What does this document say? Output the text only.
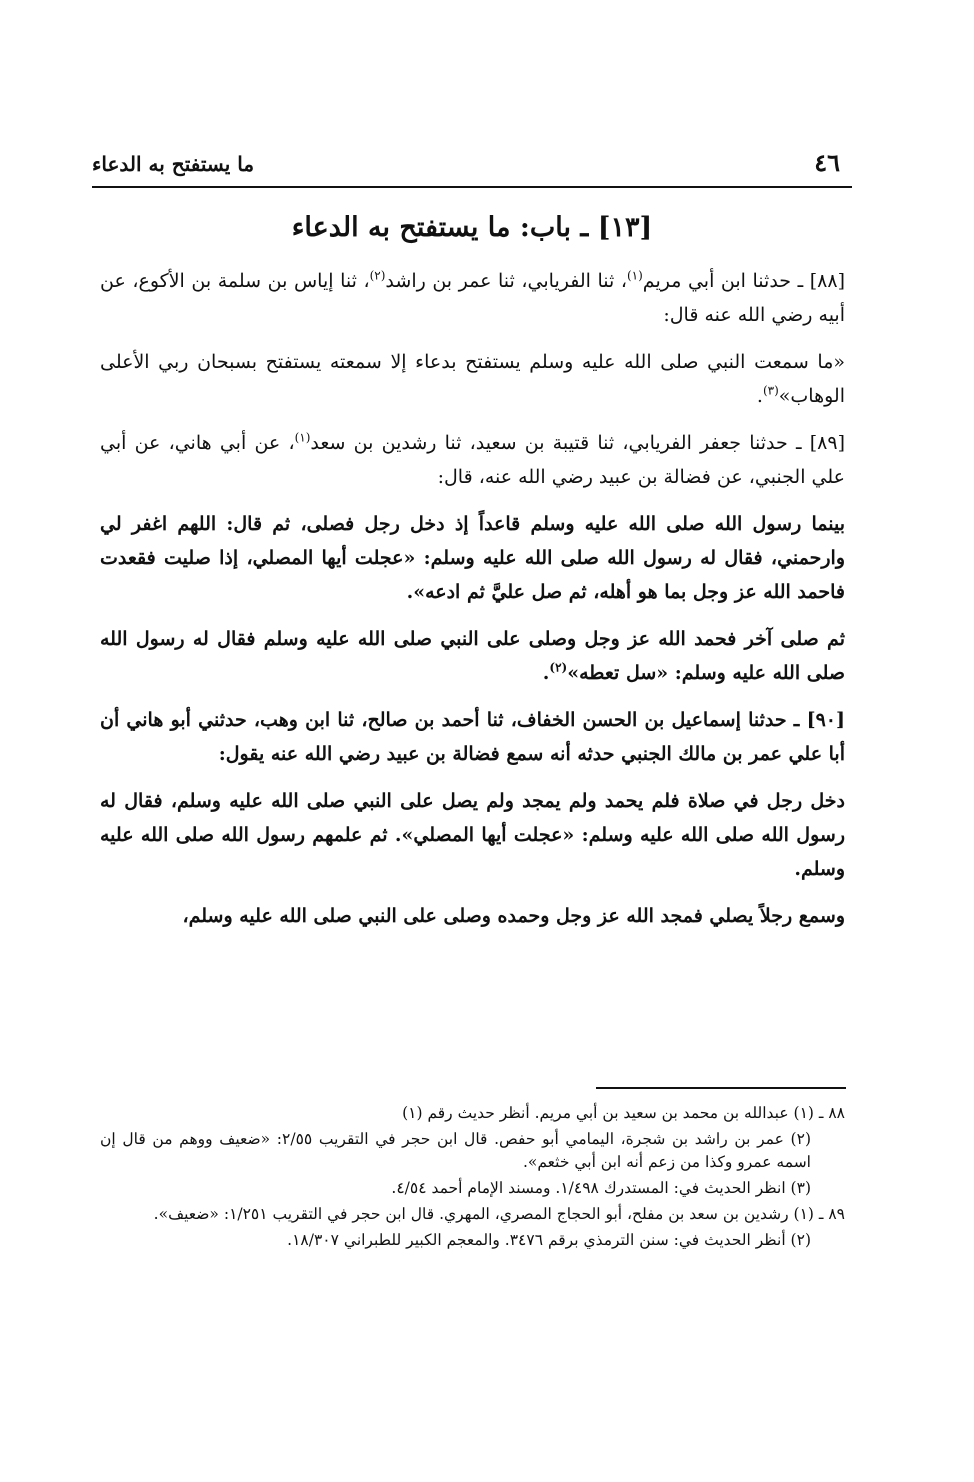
٤٦
ما يستفتح به الدعاء
[١٣] ـ باب: ما يستفتح به الدعاء

[٨٨] ـ حدثنا ابن أبي مريم$^{(١)}$، ثنا الفريابي، ثنا عمر بن راشد$^{(٢)}$، ثنا إياس بن سلمة بن الأكوع، عن أبيه رضي الله عنه قال:

«ما سمعت النبي صلى الله عليه وسلم يستفتح بدعاء إلا سمعته يستفتح بسبحان ربي الأعلى الوهاب»$^{(٣)}$.

[٨٩] ـ حدثنا جعفر الفريابي، ثنا قتيبة بن سعيد، ثنا رشدين بن سعد$^{(١)}$، عن أبي هاني، عن أبي علي الجنبي، عن فضالة بن عبيد رضي الله عنه، قال:

بينما رسول الله صلى الله عليه وسلم قاعداً إذ دخل رجل فصلى، ثم قال: اللهم اغفر لي وارحمني، فقال له رسول الله صلى الله عليه وسلم: «عجلت أيها المصلي، إذا صليت فقعدت فاحمد الله عز وجل بما هو أهله، ثم صل عليَّ ثم ادعه».

ثم صلى آخر فحمد الله عز وجل وصلى على النبي صلى الله عليه وسلم فقال له رسول الله صلى الله عليه وسلم: «سل تعطه»$^{(٢)}$.

[٩٠] ـ حدثنا إسماعيل بن الحسن الخفاف، ثنا أحمد بن صالح، ثنا ابن وهب، حدثني أبو هاني أن أبا علي عمر بن مالك الجنبي حدثه أنه سمع فضالة بن عبيد رضي الله عنه يقول:

دخل رجل في صلاة فلم يحمد ولم يمجد ولم يصل على النبي صلى الله عليه وسلم، فقال له رسول الله صلى الله عليه وسلم: «عجلت أيها المصلي». ثم علمهم رسول الله صلى الله عليه وسلم.

وسمع رجلاً يصلي فمجد الله عز وجل وحمده وصلى على النبي صلى الله عليه وسلم،

٨٨ ـ (١) عبدالله بن محمد بن سعيد بن أبي مريم. أنظر حديث رقم (١)
(٢) عمر بن راشد بن شجرة، اليمامي أبو حفص. قال ابن حجر في التقريب ٢/٥٥: «ضعيف ووهم من قال إن اسمه عمرو وكذا من زعم أنه ابن أبي خثعم».
(٣) انظر الحديث في: المستدرك ١/٤٩٨. ومسند الإمام أحمد ٤/٥٤.
٨٩ ـ (١) رشدين بن سعد بن مفلح، أبو الحجاج المصري، المهري. قال ابن حجر في التقريب ١/٢٥١: «ضعيف».
(٢) أنظر الحديث في: سنن الترمذي برقم ٣٤٧٦. والمعجم الكبير للطبراني ١٨/٣٠٧.
